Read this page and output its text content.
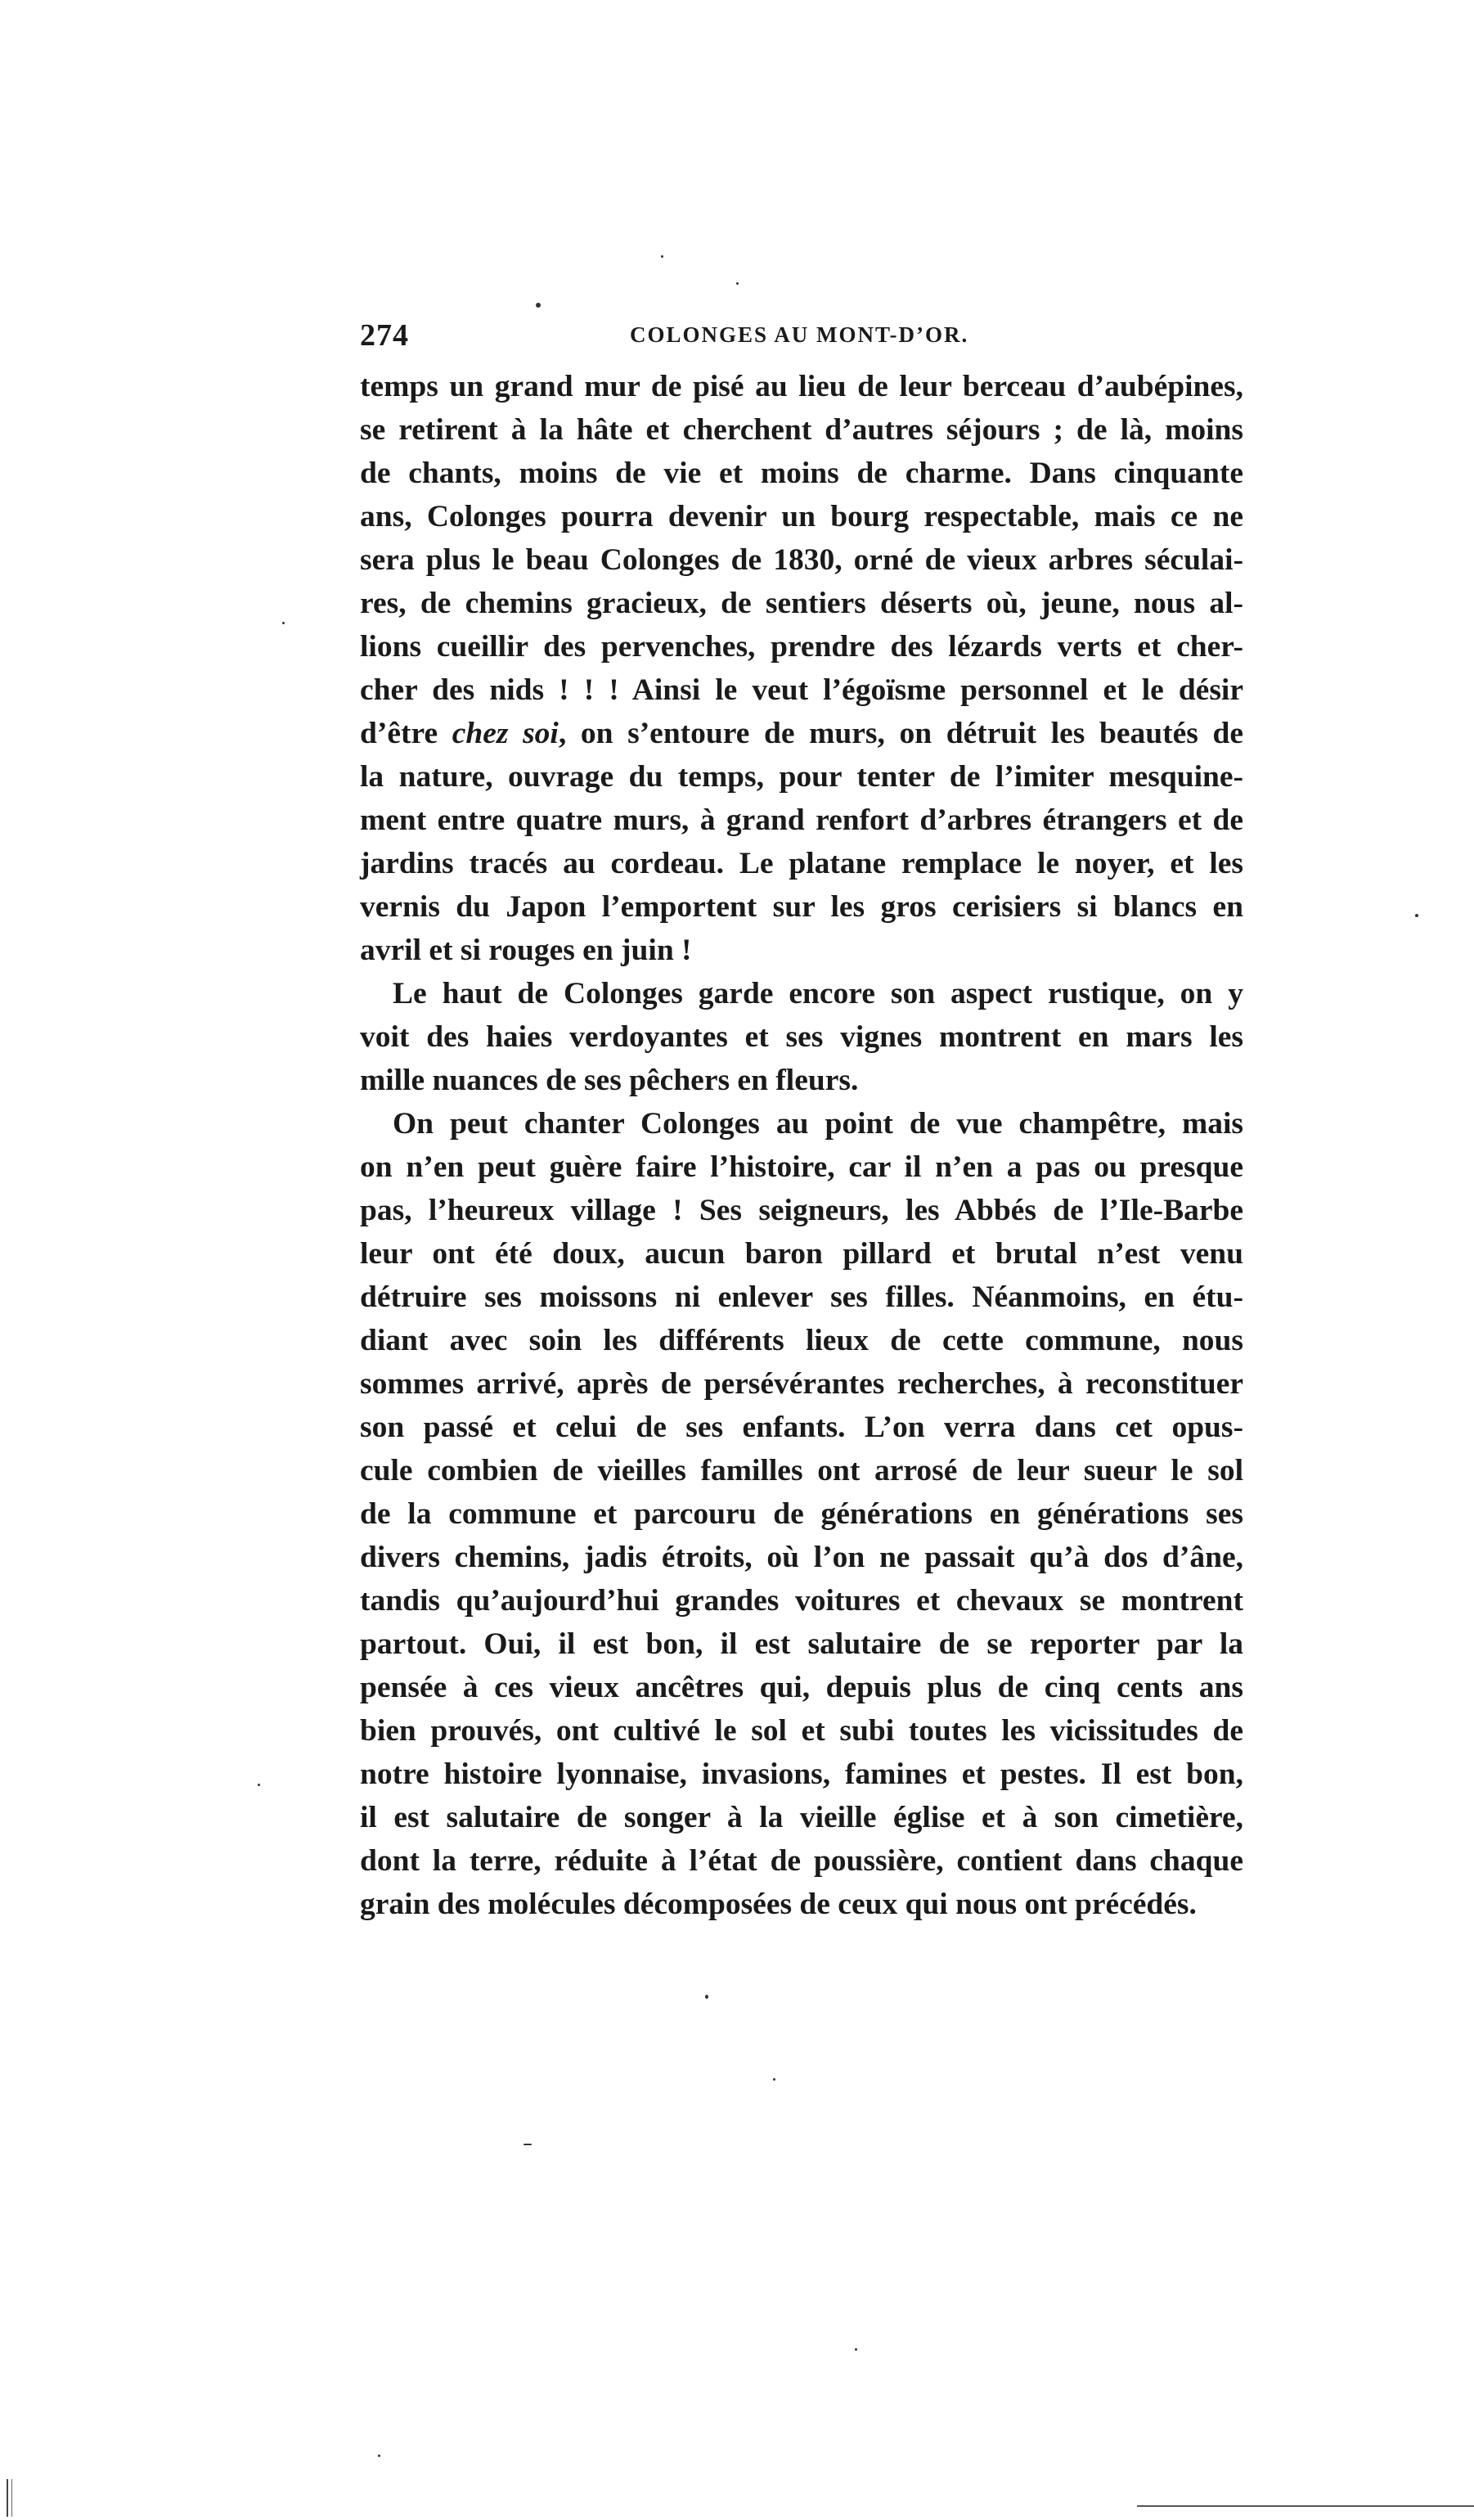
274	COLONGES AU MONT-D’OR.
temps un grand mur de pisé au lieu de leur berceau d’aubépines,
se retirent à la hâte et cherchent d’autres séjours ; de là, moins
de chants, moins de vie et moins de charme. Dans cinquante
ans, Colonges pourra devenir un bourg respectable, mais ce ne
sera plus le beau Colonges de 1830, orné de vieux arbres séculai-
res, de chemins gracieux, de sentiers déserts où, jeune, nous al-
lions cueillir des pervenches, prendre des lézards verts et cher-
cher des nids ! ! ! Ainsi le veut l’égoïsme personnel et le désir
d’être chez soi, on s’entoure de murs, on détruit les beautés de
la nature, ouvrage du temps, pour tenter de l’imiter mesquine-
ment entre quatre murs, à grand renfort d’arbres étrangers et de
jardins tracés au cordeau. Le platane remplace le noyer, et les
vernis du Japon l’emportent sur les gros cerisiers si blancs en
avril et si rouges en juin !
Le haut de Colonges garde encore son aspect rustique, on y
voit des haies verdoyantes et ses vignes montrent en mars les
mille nuances de ses pêchers en fleurs.
On peut chanter Colonges au point de vue champêtre, mais
on n’en peut guère faire l’histoire, car il n’en a pas ou presque
pas, l’heureux village ! Ses seigneurs, les Abbés de l’Ile-Barbe
leur ont été doux, aucun baron pillard et brutal n’est venu
détruire ses moissons ni enlever ses filles. Néanmoins, en étu-
diant avec soin les différents lieux de cette commune, nous
sommes arrivé, après de persévérantes recherches, à reconstituer
son passé et celui de ses enfants. L’on verra dans cet opus-
cule combien de vieilles familles ont arrosé de leur sueur le sol
de la commune et parcouru de générations en générations ses
divers chemins, jadis étroits, où l’on ne passait qu’à dos d’âne,
tandis qu’aujourd’hui grandes voitures et chevaux se montrent
partout. Oui, il est bon, il est salutaire de se reporter par la
pensée à ces vieux ancêtres qui, depuis plus de cinq cents ans
bien prouvés, ont cultivé le sol et subi toutes les vicissitudes de
notre histoire lyonnaise, invasions, famines et pestes. Il est bon,
il est salutaire de songer à la vieille église et à son cimetière,
dont la terre, réduite à l’état de poussière, contient dans chaque
grain des molécules décomposées de ceux qui nous ont précédés.
